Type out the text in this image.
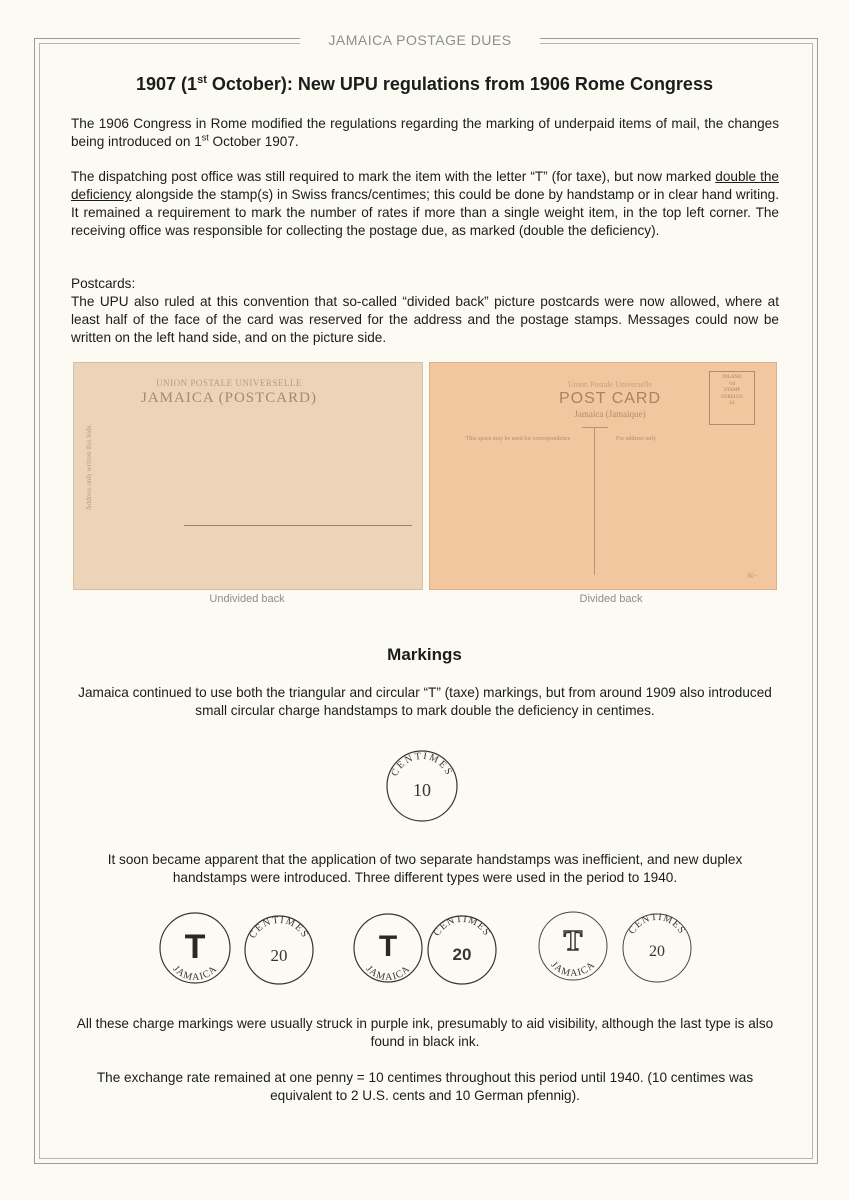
JAMAICA POSTAGE DUES
1907 (1st October): New UPU regulations from 1906 Rome Congress
The 1906 Congress in Rome modified the regulations regarding the marking of underpaid items of mail, the changes being introduced on 1st October 1907.
The dispatching post office was still required to mark the item with the letter “T” (for taxe), but now marked double the deficiency alongside the stamp(s) in Swiss francs/centimes; this could be done by handstamp or in clear hand writing. It remained a requirement to mark the number of rates if more than a single weight item, in the top left corner. The receiving office was responsible for collecting the postage due, as marked (double the deficiency).
Postcards:
The UPU also ruled at this convention that so-called “divided back” picture postcards were now allowed, where at least half of the face of the card was reserved for the address and the postage stamps. Messages could now be written on the left hand side, and on the picture side.
UNION POSTALE UNIVERSELLE
JAMAICA (POSTCARD)
Address only written this Side.
Undivided back
Union Postale Universelle
POST CARD
Jamaica (Jamaique)
This space may be used for correspondence	For address only
INLAND
½d
STAMP
FOREIGN
1d.
6/-
Divided back
Markings
Jamaica continued to use both the triangular and circular “T” (taxe) markings, but from around 1909 also introduced small circular charge handstamps to mark double the deficiency in centimes.
CENTIMES
10
It soon became apparent that the application of two separate handstamps was inefficient, and new duplex handstamps were introduced. Three different types were used in the period to 1940.
T
JAMAICA
CENTIMES
20	T
JAMAICA
CENTIMES
20	T
JAMAICA
CENTIMES
20
All these charge markings were usually struck in purple ink, presumably to aid visibility, although the last type is also found in black ink.
The exchange rate remained at one penny = 10 centimes throughout this period until 1940. (10 centimes was equivalent to 2 U.S. cents and 10 German pfennig).
